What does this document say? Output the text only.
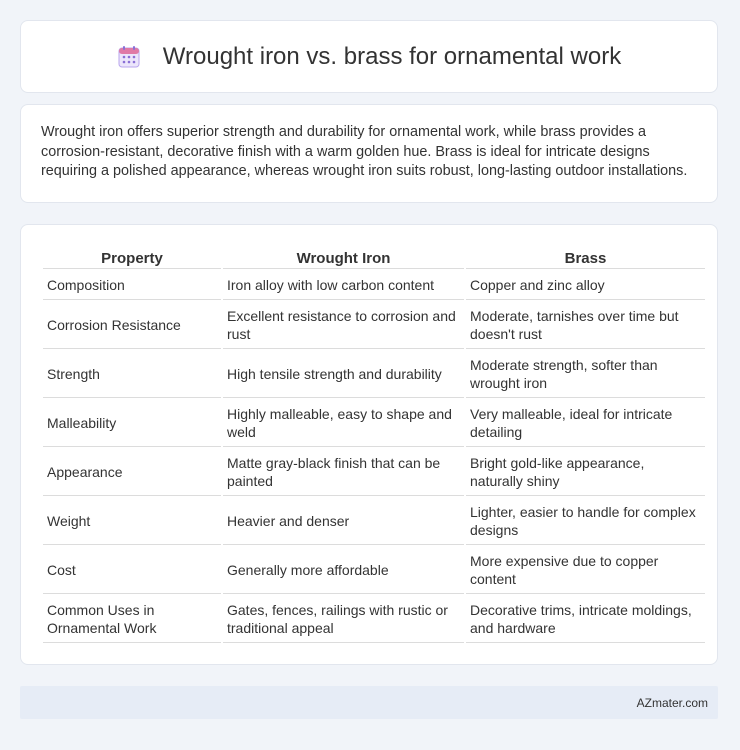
Wrought iron vs. brass for ornamental work

Wrought iron offers superior strength and durability for ornamental work, while brass provides a corrosion-resistant, decorative finish with a warm golden hue. Brass is ideal for intricate designs requiring a polished appearance, whereas wrought iron suits robust, long-lasting outdoor installations.

Property	Wrought Iron	Brass
Composition	Iron alloy with low carbon content	Copper and zinc alloy
Corrosion Resistance	Excellent resistance to corrosion and rust	Moderate, tarnishes over time but doesn't rust
Strength	High tensile strength and durability	Moderate strength, softer than wrought iron
Malleability	Highly malleable, easy to shape and weld	Very malleable, ideal for intricate detailing
Appearance	Matte gray-black finish that can be painted	Bright gold-like appearance, naturally shiny
Weight	Heavier and denser	Lighter, easier to handle for complex designs
Cost	Generally more affordable	More expensive due to copper content
Common Uses in Ornamental Work	Gates, fences, railings with rustic or traditional appeal	Decorative trims, intricate moldings, and hardware
AZmater.com
